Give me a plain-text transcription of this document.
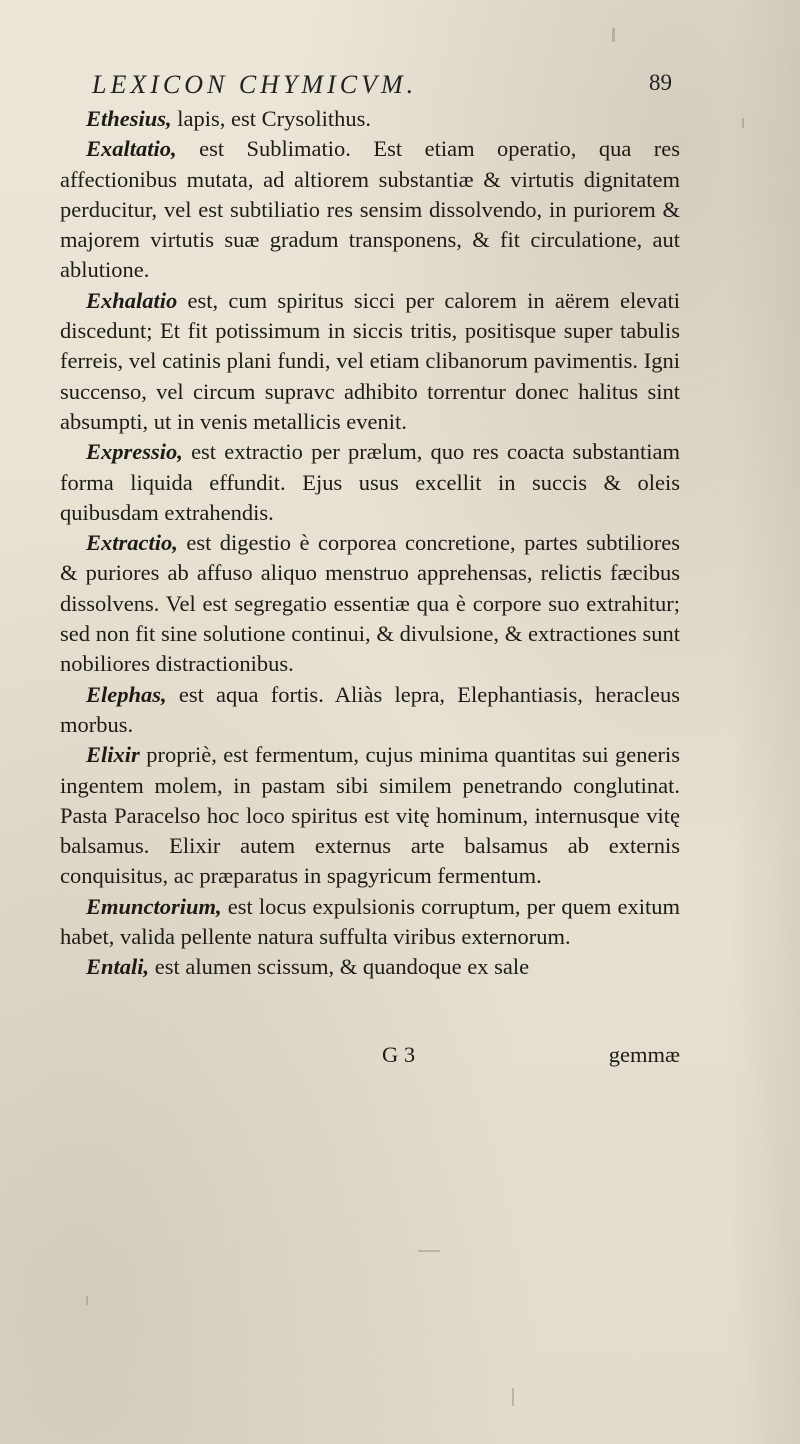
LEXICON CHYMICVM.	89

Ethesius, lapis, est Crysolithus.

Exaltatio, est Sublimatio. Est etiam operatio, qua res affectionibus mutata, ad altiorem substantiæ & virtutis dignitatem perducitur, vel est subtiliatio res sensim dissolvendo, in puriorem & majorem virtutis suæ gradum transponens, & fit circulatione, aut ablutione.

Exhalatio est, cum spiritus sicci per calorem in aërem elevati discedunt; Et fit potissimum in siccis tritis, positisque super tabulis ferreis, vel catinis plani fundi, vel etiam clibanorum pavimentis. Igni succenso, vel circum supravc adhibito torrentur donec halitus sint absumpti, ut in venis metallicis evenit.

Expressio, est extractio per prælum, quo res coacta substantiam forma liquida effundit. Ejus usus excellit in succis & oleis quibusdam extrahendis.

Extractio, est digestio è corporea concretione, partes subtiliores & puriores ab affuso aliquo menstruo apprehensas, relictis fæcibus dissolvens. Vel est segregatio essentiæ qua è corpore suo extrahitur; sed non fit sine solutione continui, & divulsione, & extractiones sunt nobiliores distractionibus.

Elephas, est aqua fortis. Aliàs lepra, Elephantiasis, heracleus morbus.

Elixir propriè, est fermentum, cujus minima quantitas sui generis ingentem molem, in pastam sibi similem penetrando conglutinat. Pasta Paracelso hoc loco spiritus est vitę hominum, internusque vitę balsamus. Elixir autem externus arte balsamus ab externis conquisitus, ac præparatus in spagyricum fermentum.

Emunctorium, est locus expulsionis corruptum, per quem exitum habet, valida pellente natura suffulta viribus externorum.

Entali, est alumen scissum, & quandoque ex sale

G 3	gemmæ
